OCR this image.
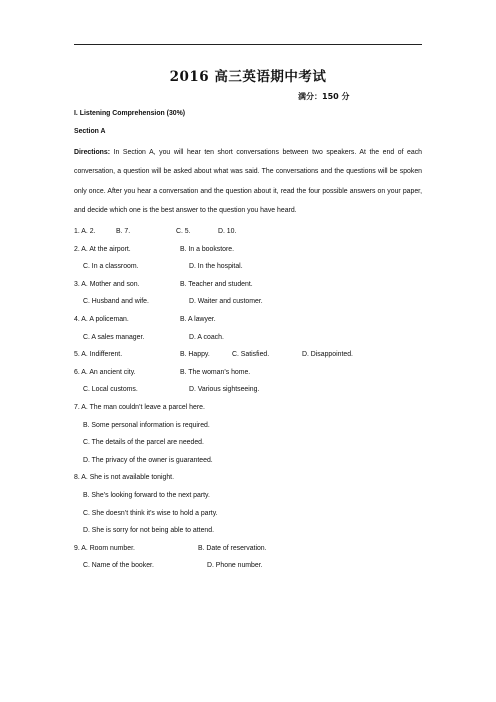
2016 高三英语期中考试
满分：150 分
I. Listening Comprehension (30%)
Section A
Directions: In Section A, you will hear ten short conversations between two speakers. At the end of each conversation, a question will be asked about what was said. The conversations and the questions will be spoken only once. After you hear a conversation and the question about it, read the four possible answers on your paper, and decide which one is the best answer to the question you have heard.
1. A. 2.	B. 7.	C. 5.	D. 10.
2. A. At the airport.	B. In a bookstore.
C. In a classroom.	D. In the hospital.
3. A. Mother and son.	B. Teacher and student.
C. Husband and wife.	D. Waiter and customer.
4. A. A policeman.	B. A lawyer.
C. A sales manager.	D. A coach.
5. A. Indifferent.	B. Happy.	C. Satisfied.	D. Disappointed.
6. A. An ancient city.	B. The woman’s home.
C. Local customs.	D. Various sightseeing.
7. A. The man couldn’t leave a parcel here.
B. Some personal information is required.
C. The details of the parcel are needed.
D. The privacy of the owner is guaranteed.
8. A. She is not available tonight.
B. She’s looking forward to the next party.
C. She doesn’t think it’s wise to hold a party.
D. She is sorry for not being able to attend.
9. A. Room number.	B. Date of reservation.
C. Name of the booker.	D. Phone number.
